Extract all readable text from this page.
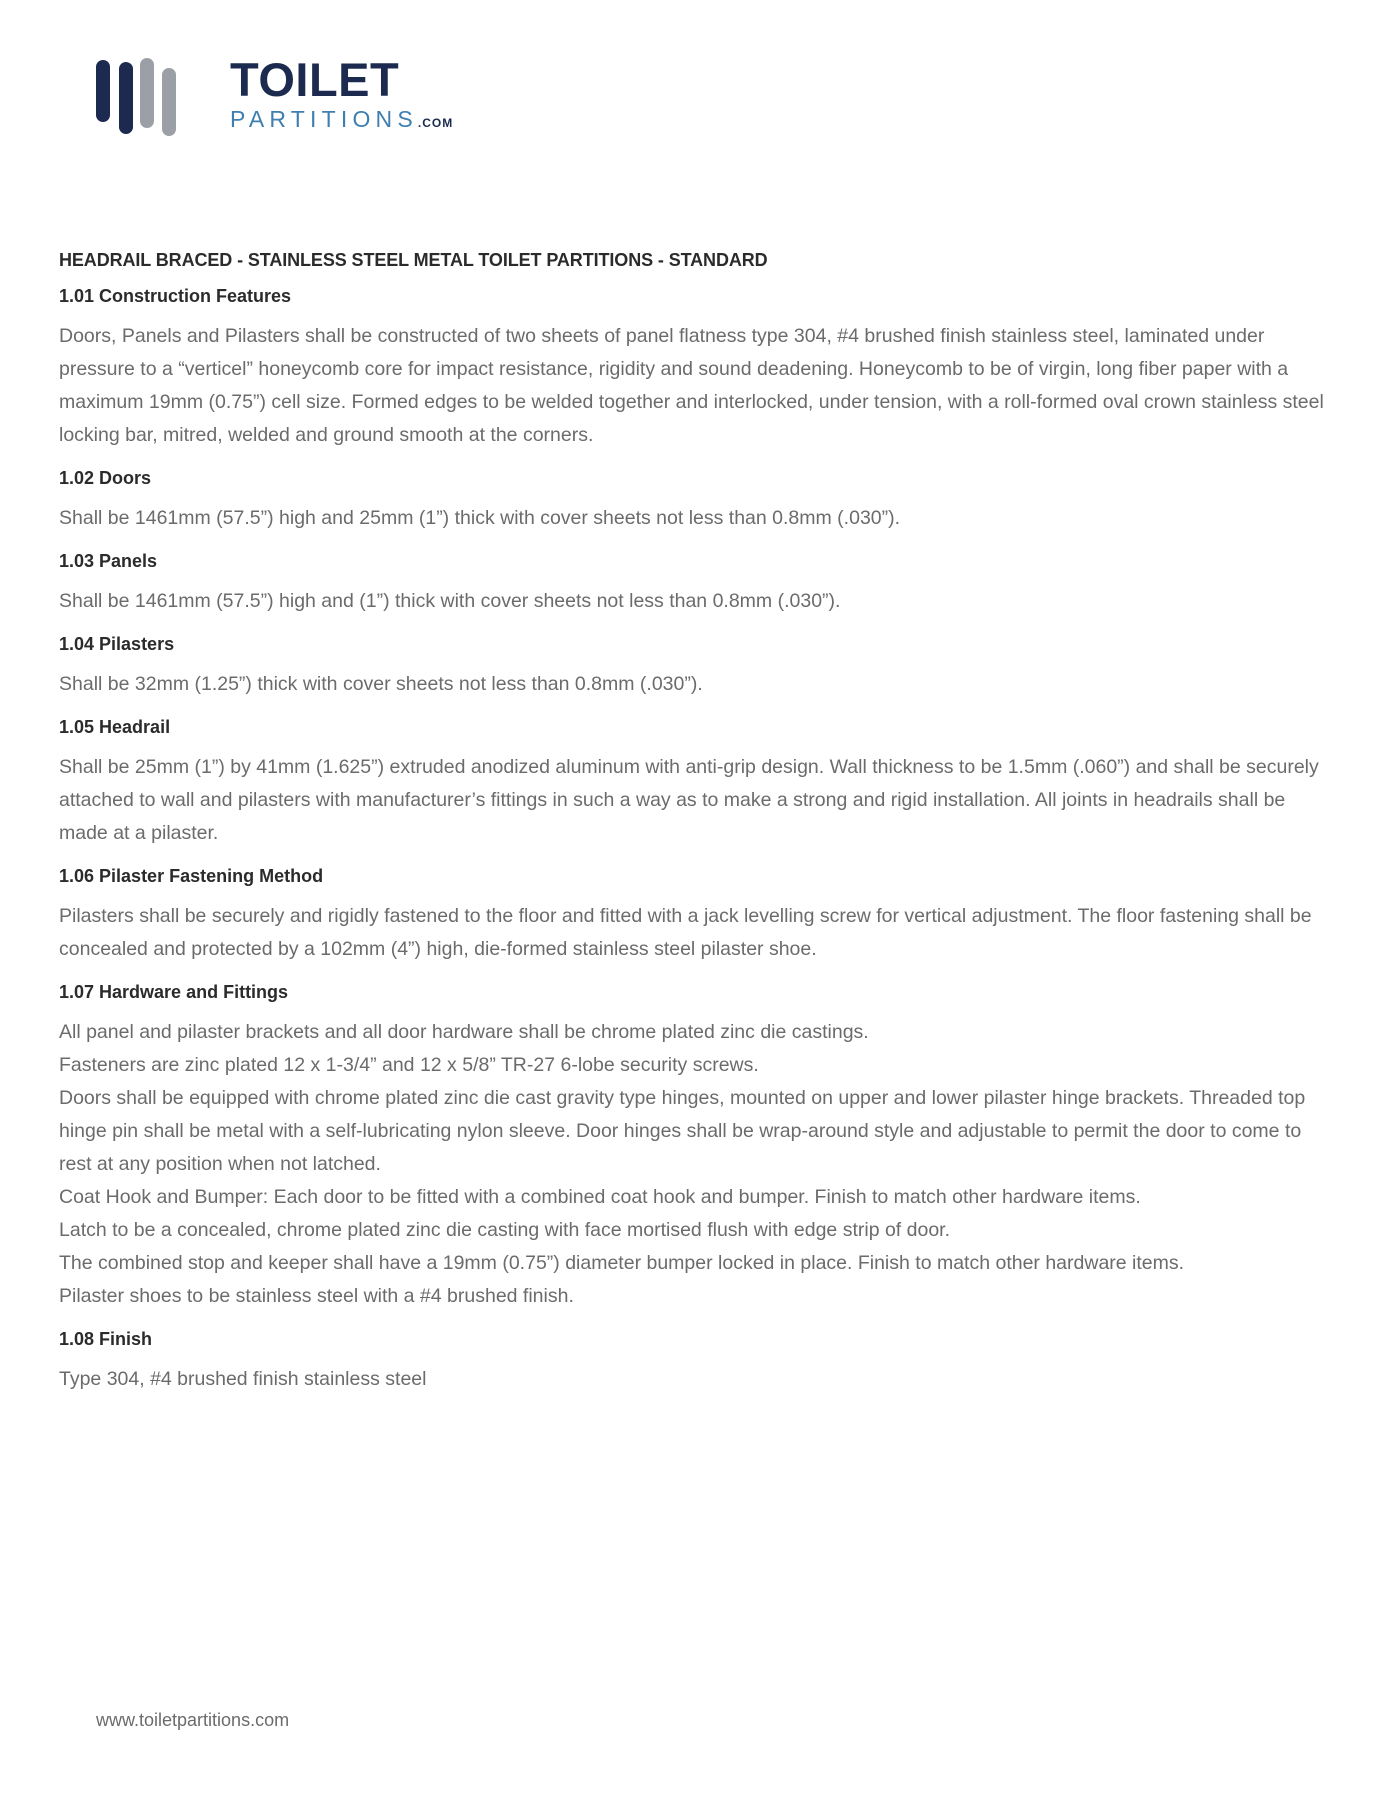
TOILET
PARTITIONS.COM
HEADRAIL BRACED - STAINLESS STEEL METAL TOILET PARTITIONS - STANDARD
1.01 Construction Features

Doors, Panels and Pilasters shall be constructed of two sheets of panel flatness type 304, #4 brushed finish stainless steel, laminated under pressure to a “verticel” honeycomb core for impact resistance, rigidity and sound deadening. Honeycomb to be of virgin, long fiber paper with a maximum 19mm (0.75”) cell size. Formed edges to be welded together and interlocked, under tension, with a roll-formed oval crown stainless steel locking bar, mitred, welded and ground smooth at the corners.

1.02 Doors

Shall be 1461mm (57.5”) high and 25mm (1”) thick with cover sheets not less than 0.8mm (.030”).

1.03 Panels

Shall be 1461mm (57.5”) high and (1”) thick with cover sheets not less than 0.8mm (.030”).

1.04 Pilasters

Shall be 32mm (1.25”) thick with cover sheets not less than 0.8mm (.030”).

1.05 Headrail

Shall be 25mm (1”) by 41mm (1.625”) extruded anodized aluminum with anti-grip design. Wall thickness to be 1.5mm (.060”) and shall be securely attached to wall and pilasters with manufacturer’s fittings in such a way as to make a strong and rigid installation. All joints in headrails shall be made at a pilaster.

1.06 Pilaster Fastening Method

Pilasters shall be securely and rigidly fastened to the floor and fitted with a jack levelling screw for vertical adjustment. The floor fastening shall be concealed and protected by a 102mm (4”) high, die-formed stainless steel pilaster shoe.

1.07 Hardware and Fittings

All panel and pilaster brackets and all door hardware shall be chrome plated zinc die castings.

Fasteners are zinc plated 12 x 1-3/4” and 12 x 5/8” TR-27 6-lobe security screws.

Doors shall be equipped with chrome plated zinc die cast gravity type hinges, mounted on upper and lower pilaster hinge brackets. Threaded top hinge pin shall be metal with a self-lubricating nylon sleeve. Door hinges shall be wrap-around style and adjustable to permit the door to come to rest at any position when not latched.

Coat Hook and Bumper: Each door to be fitted with a combined coat hook and bumper. Finish to match other hardware items.

Latch to be a concealed, chrome plated zinc die casting with face mortised flush with edge strip of door.

The combined stop and keeper shall have a 19mm (0.75”) diameter bumper locked in place. Finish to match other hardware items.

Pilaster shoes to be stainless steel with a #4 brushed finish.

1.08 Finish

Type 304, #4 brushed finish stainless steel

www.toiletpartitions.com
